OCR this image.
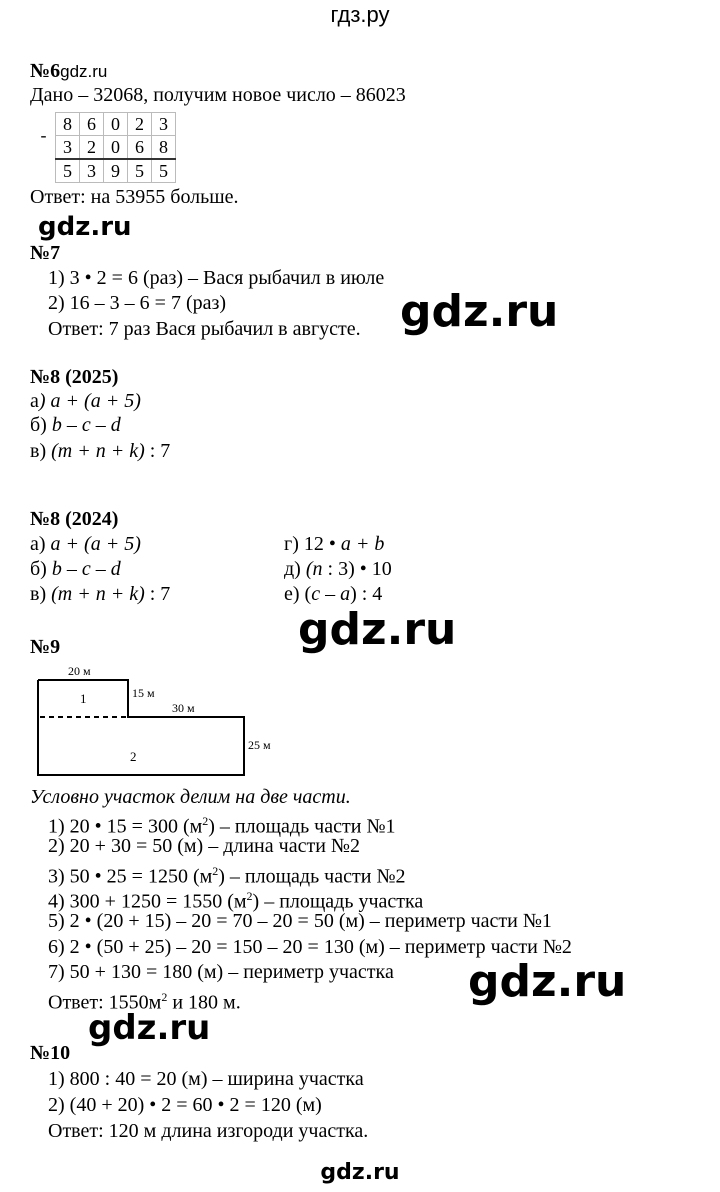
гдз.ру
№6gdz.ru
Дано – 32068, получим новое число – 86023
-	8	6	0	2	3
	3	2	0	6	8
	5	3	9	5	5
Ответ: на 53955 больше.
gdz.ru
№7
1) 3 • 2 = 6 (раз) – Вася рыбачил в июле
2) 16 – 3 – 6 = 7 (раз)
Ответ: 7 раз Вася рыбачил в августе. gdz.ru
№8 (2025)
а) a + (a + 5)
б) b – c – d
в) (m + n + k) : 7
№8 (2024)
а) a + (a + 5)
б) b – c – d
в) (m + n + k) : 7
г) 12 • a + b
д) (n : 3) • 10
е) (c – a) : 4
gdz.ru
№9
20 м
15 м
30 м
25 м
1
2
Условно участок делим на две части.
1) 20 • 15 = 300 $(м^2)$ – площадь части №1
2) 20 + 30 = 50 (м) – длина части №2
3) 50 • 25 = 1250 $(м^2)$ – площадь части №2
4) 300 + 1250 = 1550 $(м^2)$ – площадь участка
5) 2 • (20 + 15) – 20 = 70 – 20 = 50 (м) – периметр части №1
6) 2 • (50 + 25) – 20 = 150 – 20 = 130 (м) – периметр части №2
7) 50 + 130 = 180 (м) – периметр участка
Ответ: $1550м^2$ и 180 м.	gdz.ru
gdz.ru
№10
1) 800 : 40 = 20 (м) – ширина участка
2) (40 + 20) • 2 = 60 • 2 = 120 (м)
Ответ: 120 м длина изгороди участка.
gdz.ru
